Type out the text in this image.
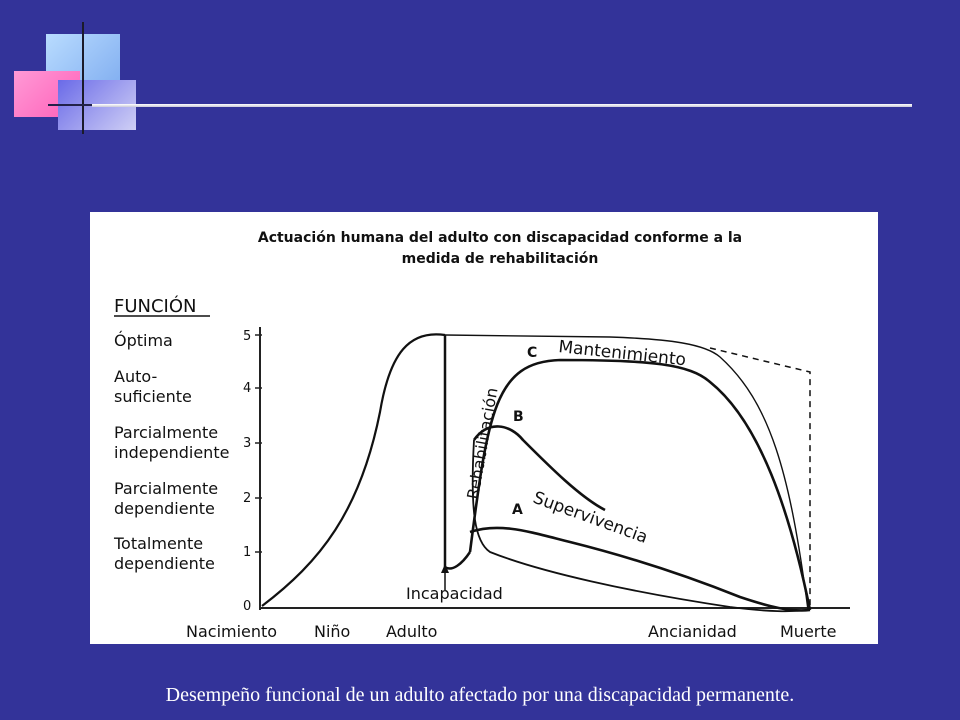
Actuación humana del adulto con discapacidad conforme a la medida de rehabilitación
FUNCIÓN
Óptima
Auto-suficiente
Parcialmente independiente
Parcialmente dependiente
Totalmente dependiente
5
4
3
2
1
0
C
B
A
Mantenimiento
Rehabilitación
Supervivencia
Incapacidad
Nacimiento Niño Adulto	Ancianidad	Muerte
Desempeño funcional de un adulto afectado por una discapacidad permanente.
